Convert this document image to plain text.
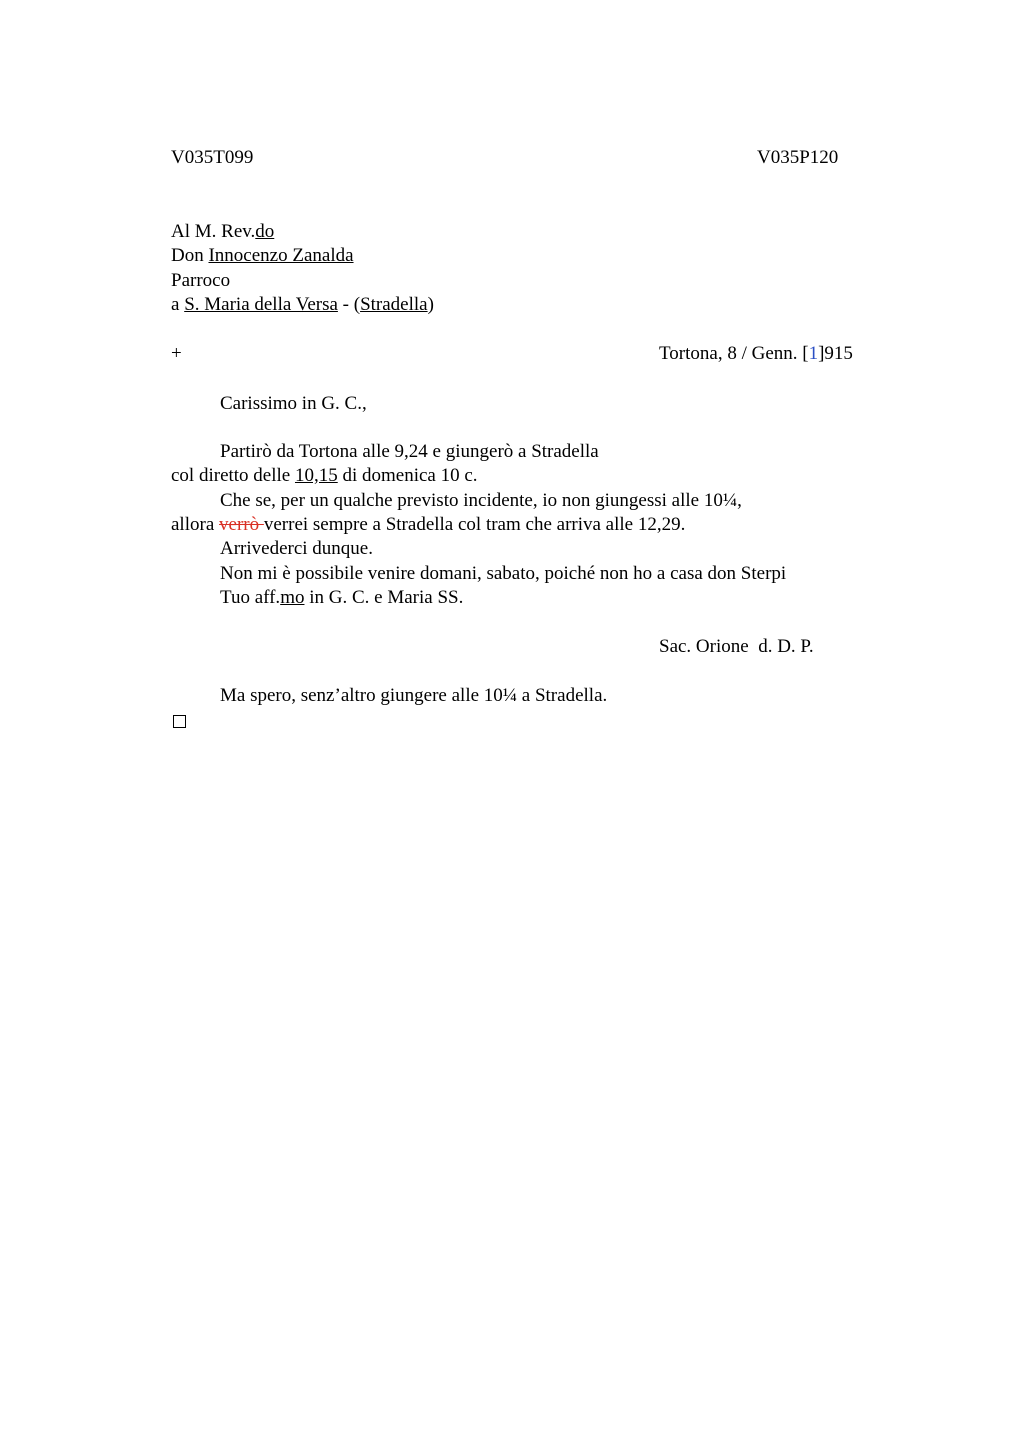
V035T099	V035P120
Al M. Rev.do
Don Innocenzo Zanalda
Parroco
a S. Maria della Versa - (Stradella)
+	Tortona, 8 / Genn. [1]915
Carissimo in G. C.,
Partirò da Tortona alle 9,24 e giungerò a Stradella
col diretto delle 10,15 di domenica 10 c.
Che se, per un qualche previsto incidente, io non giungessi alle 10¼,
allora verrò verrei sempre a Stradella col tram che arriva alle 12,29.
Arrivederci dunque.
Non mi è possibile venire domani, sabato, poiché non ho a casa don Sterpi
Tuo aff.mo in G. C. e Maria SS.
Sac. Orione  d. D. P.
Ma spero, senz’altro giungere alle 10¼ a Stradella.
